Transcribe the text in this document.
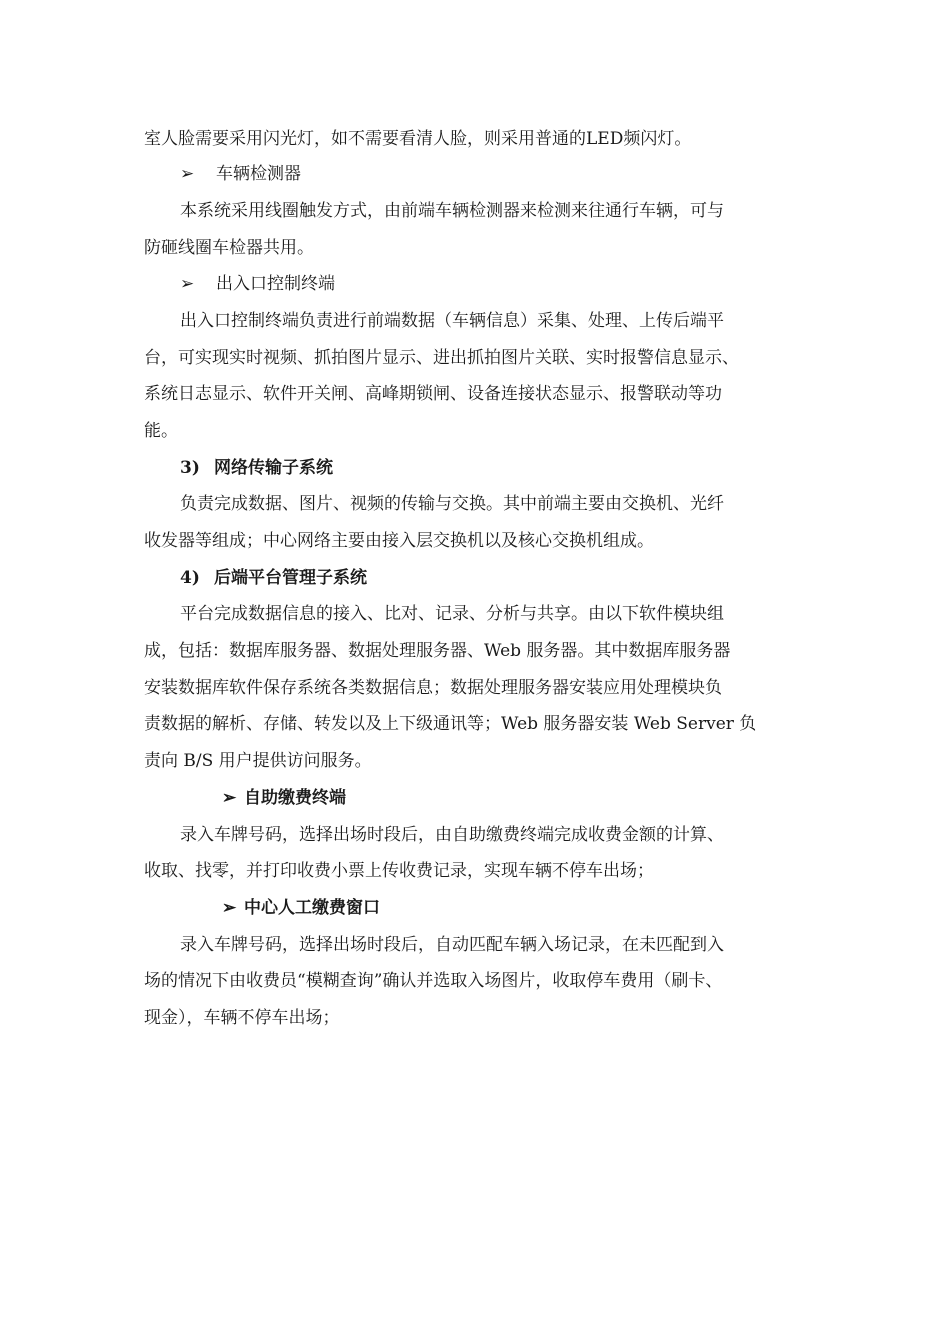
室人脸需要采用闪光灯，如不需要看清人脸，则采用普通的LED频闪灯。
➢ 车辆检测器
本系统采用线圈触发方式，由前端车辆检测器来检测来往通行车辆，可与
防砸线圈车检器共用。
➢ 出入口控制终端
出入口控制终端负责进行前端数据（车辆信息）采集、处理、上传后端平
台，可实现实时视频、抓拍图片显示、进出抓拍图片关联、实时报警信息显示、
系统日志显示、软件开关闸、高峰期锁闸、设备连接状态显示、报警联动等功
能。
3) 网络传输子系统
负责完成数据、图片、视频的传输与交换。其中前端主要由交换机、光纤
收发器等组成；中心网络主要由接入层交换机以及核心交换机组成。
4) 后端平台管理子系统
平台完成数据信息的接入、比对、记录、分析与共享。由以下软件模块组
成，包括：数据库服务器、数据处理服务器、Web 服务器。其中数据库服务器
安装数据库软件保存系统各类数据信息；数据处理服务器安装应用处理模块负
责数据的解析、存储、转发以及上下级通讯等；Web 服务器安装 Web Server 负
责向 B/S 用户提供访问服务。
➢ 自助缴费终端
录入车牌号码，选择出场时段后，由自助缴费终端完成收费金额的计算、
收取、找零，并打印收费小票上传收费记录，实现车辆不停车出场；
➢ 中心人工缴费窗口
录入车牌号码，选择出场时段后，自动匹配车辆入场记录，在未匹配到入
场的情况下由收费员“模糊查询”确认并选取入场图片，收取停车费用（刷卡、
现金），车辆不停车出场；
